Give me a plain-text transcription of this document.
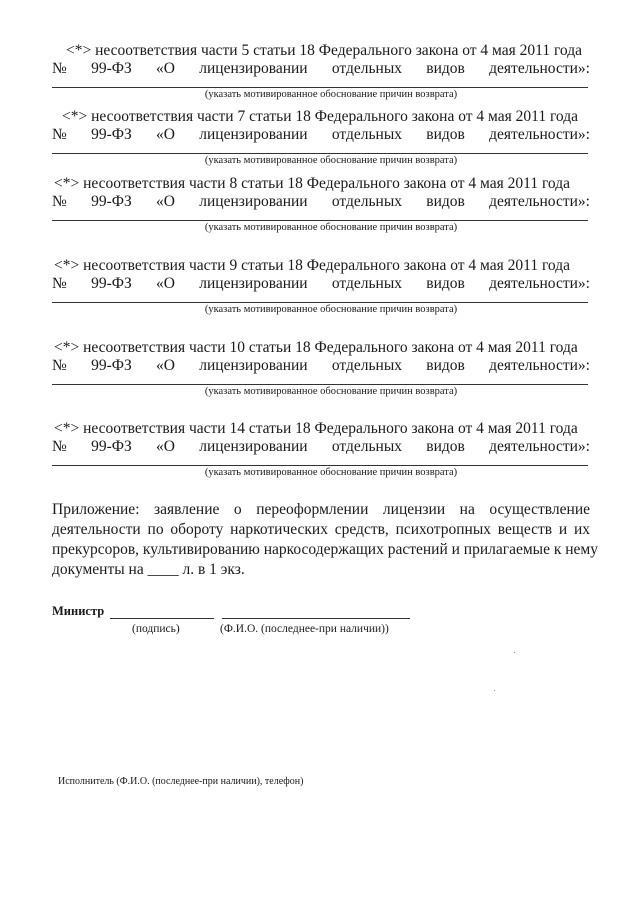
<*> несоответствия части 5 статьи 18 Федерального закона от 4 мая 2011 года
№ 99-ФЗ «О лицензировании отдельных видов деятельности»:
(указать мотивированное обоснование причин возврата)
<*> несоответствия части 7 статьи 18 Федерального закона от 4 мая 2011 года
№ 99-ФЗ «О лицензировании отдельных видов деятельности»:
(указать мотивированное обоснование причин возврата)
<*> несоответствия части 8 статьи 18 Федерального закона от 4 мая 2011 года
№ 99-ФЗ «О лицензировании отдельных видов деятельности»:
(указать мотивированное обоснование причин возврата)
<*> несоответствия части 9 статьи 18 Федерального закона от 4 мая 2011 года
№ 99-ФЗ «О лицензировании отдельных видов деятельности»:
(указать мотивированное обоснование причин возврата)
<*> несоответствия части 10 статьи 18 Федерального закона от 4 мая 2011 года
№ 99-ФЗ «О лицензировании отдельных видов деятельности»:
(указать мотивированное обоснование причин возврата)
<*> несоответствия части 14 статьи 18 Федерального закона от 4 мая 2011 года
№ 99-ФЗ «О лицензировании отдельных видов деятельности»:
(указать мотивированное обоснование причин возврата)
Приложение: заявление о переоформлении лицензии на осуществление
деятельности по обороту наркотических средств, психотропных веществ и их
прекурсоров, культивированию наркосодержащих растений и прилагаемые к нему
документы на ____ л. в 1 экз.
Министр
(подпись)	(Ф.И.О. (последнее-при наличии))
Исполнитель (Ф.И.О. (последнее-при наличии), телефон)
